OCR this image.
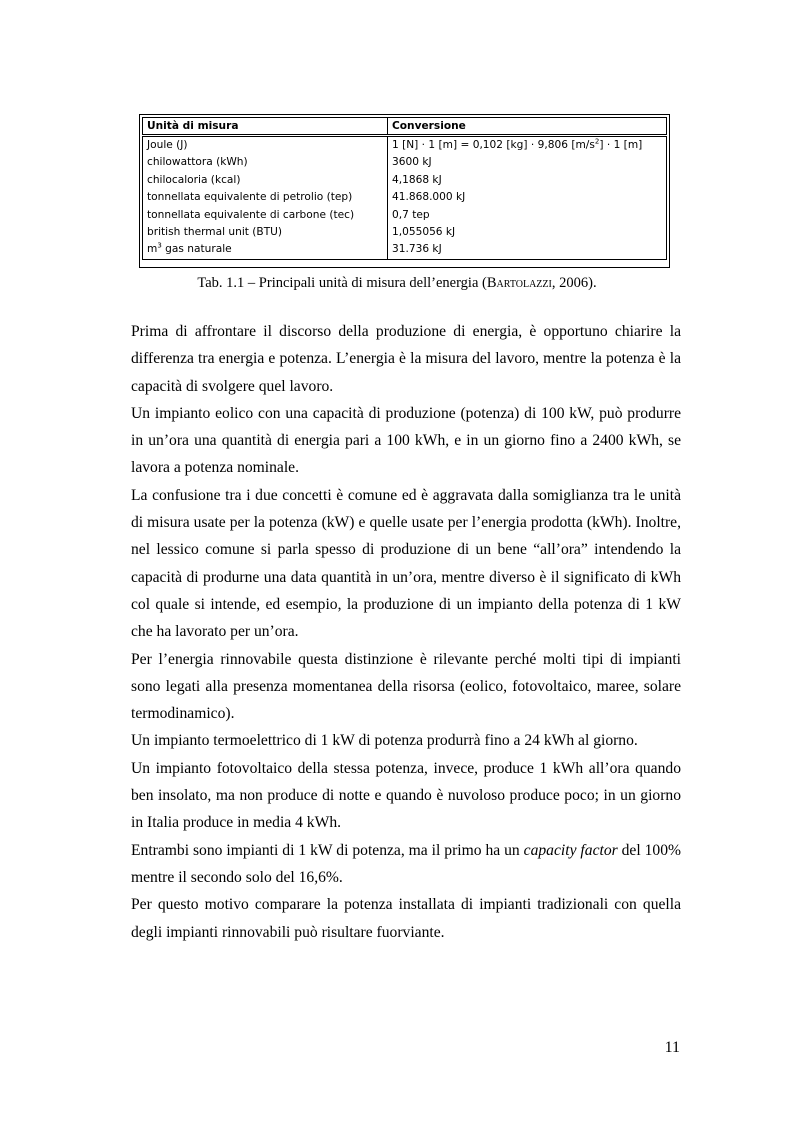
Unità di misura	Conversione
Joule (J)	1 [N] · 1 [m] = 0,102 [kg] · 9,806 $[m/s^2] \cdot 1$ [m]
chilowattora (kWh)	3600 kJ
chilocaloria (kcal)	4,1868 kJ
tonnellata equivalente di petrolio (tep)	41.868.000 kJ
tonnellata equivalente di carbone (tec)	0,7 tep
british thermal unit (BTU)	1,055056 kJ
$m^3$ gas naturale	31.736 kJ
Tab. 1.1 – Principali unità di misura dell’energia (Bartolazzi, 2006).

Prima di affrontare il discorso della produzione di energia, è opportuno chiarire la differenza tra energia e potenza. L’energia è la misura del lavoro, mentre la potenza è la capacità di svolgere quel lavoro.

Un impianto eolico con una capacità di produzione (potenza) di 100 kW, può produrre in un’ora una quantità di energia pari a 100 kWh, e in un giorno fino a 2400 kWh, se lavora a potenza nominale.

La confusione tra i due concetti è comune ed è aggravata dalla somiglianza tra le unità di misura usate per la potenza (kW) e quelle usate per l’energia prodotta (kWh). Inoltre, nel lessico comune si parla spesso di produzione di un bene “all’ora” intendendo la capacità di produrne una data quantità in un’ora, mentre diverso è il significato di kWh col quale si intende, ed esempio, la produzione di un impianto della potenza di 1 kW che ha lavorato per un’ora.

Per l’energia rinnovabile questa distinzione è rilevante perché molti tipi di impianti sono legati alla presenza momentanea della risorsa (eolico, fotovoltaico, maree, solare termodinamico).

Un impianto termoelettrico di 1 kW di potenza produrrà fino a 24 kWh al giorno.

Un impianto fotovoltaico della stessa potenza, invece, produce 1 kWh all’ora quando ben insolato, ma non produce di notte e quando è nuvoloso produce poco; in un giorno in Italia produce in media 4 kWh.

Entrambi sono impianti di 1 kW di potenza, ma il primo ha un capacity factor del 100% mentre il secondo solo del 16,6%.

Per questo motivo comparare la potenza installata di impianti tradizionali con quella degli impianti rinnovabili può risultare fuorviante.

11
